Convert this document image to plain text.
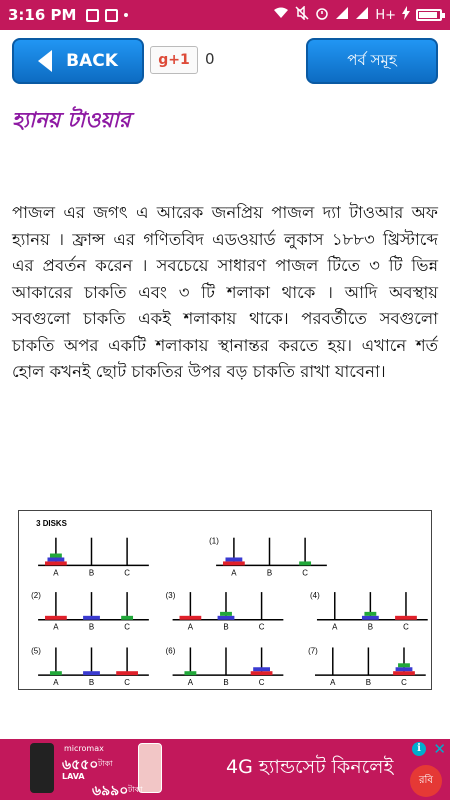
3:16 PM	H+
BACK	g +1 0	পর্ব সমূহ
হ্যানয় টাওয়ার
পাজল এর জগৎ এ আরেক জনপ্রিয় পাজল দ্যা টাওআর অফ হ্যানয় । ফ্রান্স এর গণিতবিদ এডওয়ার্ড লুকাস ১৮৮৩ খ্রিস্টাব্দে এর প্রবর্তন করেন । সবচেয়ে সাধারণ পাজল টিতে ৩ টি ভিন্ন আকারের চাকতি এবং ৩ টি শলাকা থাকে । আদি অবস্থায় সবগুলো চাকতি একই শলাকায় থাকে। পরবর্তীতে সবগুলো চাকতি অপর একটি শলাকায় স্থানান্তর করতে হয়। এখানে শর্ত হোল কখনই ছোট চাকতির উপর বড় চাকতি রাখা যাবেনা।
3 DISKS
A	B	C
(1)
A	B	C
(2)
A	B	C
(3)
A	B	C
(4)
A	B	C
(5)
A	B	C
(6)
A	B	C
(7)
A	B	C
micromax
৬৫৫০ টাকা
LAVA
৬৯৯০ টাকা
4G হ্যান্ডসেট কিনলেই
i ✕
রবি
